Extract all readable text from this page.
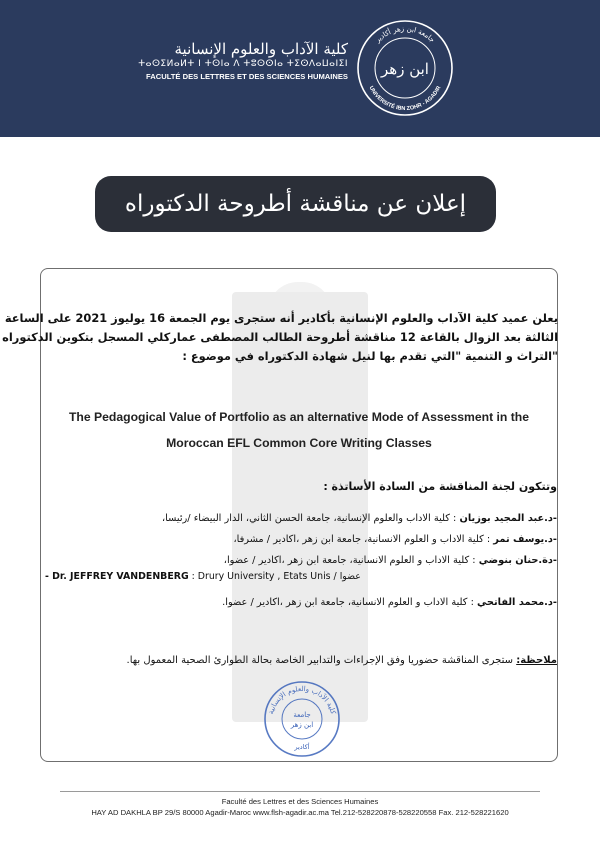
كلية الآداب والعلوم الإنسانية
ⵜⴰⵙⵉⵍⴰⵍⵜ ⵏ ⵜⵙⵏⴰ ⴷ ⵜⵓⵙⵙⵏⴰ ⵜⵉⵙⴷⴰⵡⴰⵏⵉⵏ
FACULTÉ DES LETTRES ET DES SCIENCES HUMAINES
جامعة ابن زهر أكادير
UNIVERSITÉ IBN ZOHR - AGADIR
ابن زهر
إعلان عن مناقشة أطروحة الدكتوراه
يعلن عميد كلية الآداب والعلوم الإنسانية بأكادير أنه ستجرى يوم الجمعة 16 يوليوز 2021 على الساعة
الثالثة بعد الزوال بالقاعة 12 مناقشة أطروحة الطالب المصطفى عماركلي المسجل بتكوين الدكتوراه
"التراث و التنمية "التي تقدم بها لنيل شهادة الدكتوراه في موضوع :
The Pedagogical Value of Portfolio as an alternative Mode of Assessment in the
Moroccan EFL Common Core Writing Classes
وتتكون لجنة المناقشة من السادة الأساتذة :
-د.عبد المجيد بوزيان : كلية الاداب والعلوم الإنسانية، جامعة الحسن الثاني، الدار البيضاء /رئيسا،
-د.يوسف تمر : كلية الاداب و العلوم الانسانية، جامعة ابن زهر ،اكادير / مشرفا،
-دة.حنان بنوضي : كلية الاداب و العلوم الانسانية، جامعة ابن زهر ،اكادير / عضوا،
-د.محمد الفاتحي : كلية الاداب و العلوم الانسانية، جامعة ابن زهر ،اكادير / عضوا.
- Dr. JEFFREY VANDENBERG : Drury University , Etats Unis / عضوا
ملاحظة: ستجرى المناقشة حضوريا وفق الإجراءات والتدابير الخاصة بحالة الطوارئ الصحية المعمول بها.
كلية الآداب والعلوم الإنسانية
جامعة
ابن زهر
أكادير
Faculté des Lettres et des Sciences Humaines
HAY AD DAKHLA BP 29/S 80000 Agadir-Maroc www.flsh-agadir.ac.ma Tel.212-528220878-528220558 Fax. 212-528221620
